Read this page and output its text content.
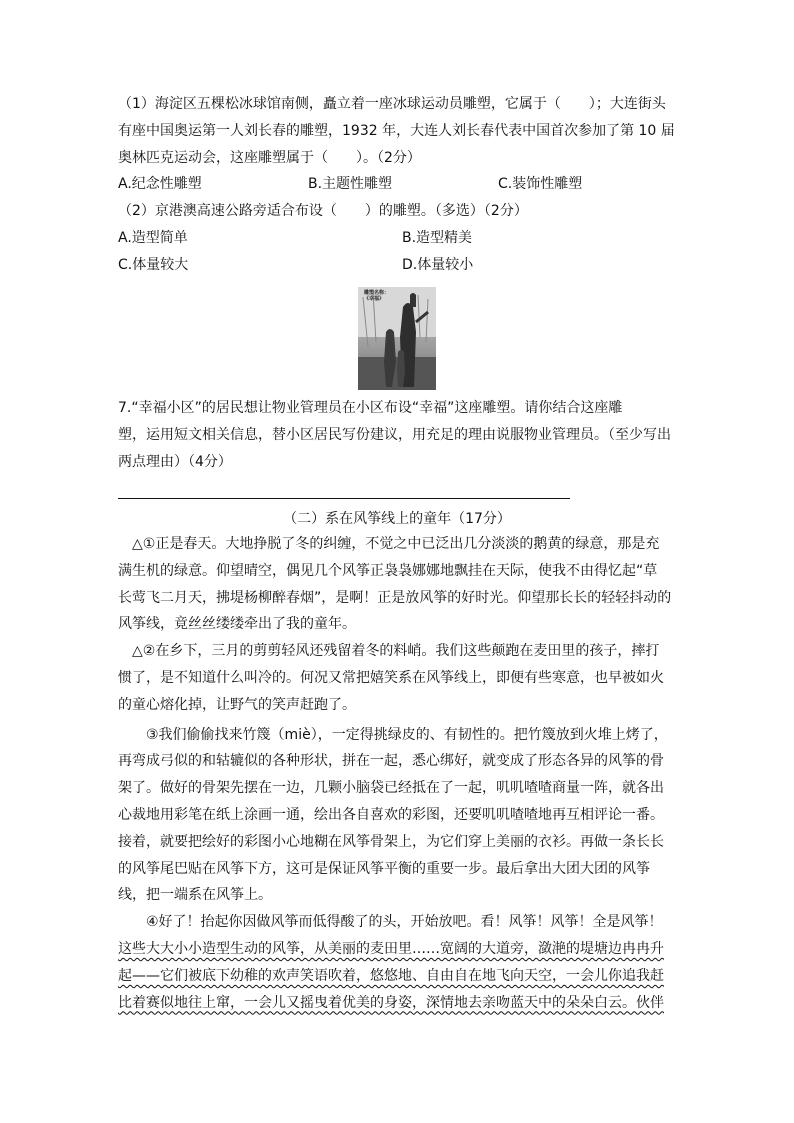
（1）海淀区五棵松冰球馆南侧，矗立着一座冰球运动员雕塑，它属于（　　）；大连街头
有座中国奥运第一人刘长春的雕塑，1932 年，大连人刘长春代表中国首次参加了第 10 届
奥林匹克运动会，这座雕塑属于（　　）。（2分）
A.纪念性雕塑	B.主题性雕塑	C.装饰性雕塑
（2）京港澳高速公路旁适合布设（　　）的雕塑。（多选）（2分）
A.造型简单	B.造型精美
C.体量较大	D.体量较小
雕塑名称：
《幸福》
7.“幸福小区”的居民想让物业管理员在小区布设“幸福”这座雕塑。请你结合这座雕
塑，运用短文相关信息，替小区居民写份建议，用充足的理由说服物业管理员。（至少写出
两点理由）（4分）
（二）系在风筝线上的童年（17分）
△①正是春天。大地挣脱了冬的纠缠，不觉之中已泛出几分淡淡的鹅黄的绿意，那是充
满生机的绿意。仰望晴空，偶见几个风筝正袅袅娜娜地飘挂在天际，使我不由得忆起“草
长莺飞二月天，拂堤杨柳醉春烟”，是啊！正是放风筝的好时光。仰望那长长的轻轻抖动的
风筝线，竟丝丝缕缕牵出了我的童年。
△②在乡下，三月的剪剪轻风还残留着冬的料峭。我们这些颠跑在麦田里的孩子，摔打
惯了，是不知道什么叫冷的。何况又常把嬉笑系在风筝线上，即便有些寒意，也早被如火
的童心熔化掉，让野气的笑声赶跑了。
③我们偷偷找来竹篾（miè），一定得挑绿皮的、有韧性的。把竹篾放到火堆上烤了，
再弯成弓似的和轱辘似的各种形状，拼在一起，悉心绑好，就变成了形态各异的风筝的骨
架了。做好的骨架先摆在一边，几颗小脑袋已经抵在了一起，叽叽喳喳商量一阵，就各出
心裁地用彩笔在纸上涂画一通，绘出各自喜欢的彩图，还要叽叽喳喳地再互相评论一番。
接着，就要把绘好的彩图小心地糊在风筝骨架上，为它们穿上美丽的衣衫。再做一条长长
的风筝尾巴贴在风筝下方，这可是保证风筝平衡的重要一步。最后拿出大团大团的风筝
线，把一端系在风筝上。
④好了！抬起你因做风筝而低得酸了的头，开始放吧。看！风筝！风筝！全是风筝！
这些大大小小造型生动的风筝，从美丽的麦田里……宽阔的大道旁，潋滟的堤塘边冉冉升
起——它们被底下幼稚的欢声笑语吹着，悠悠地、自由自在地飞向天空，一会儿你追我赶
比着赛似地往上窜，一会儿又摇曳着优美的身姿，深情地去亲吻蓝天中的朵朵白云。伙伴
